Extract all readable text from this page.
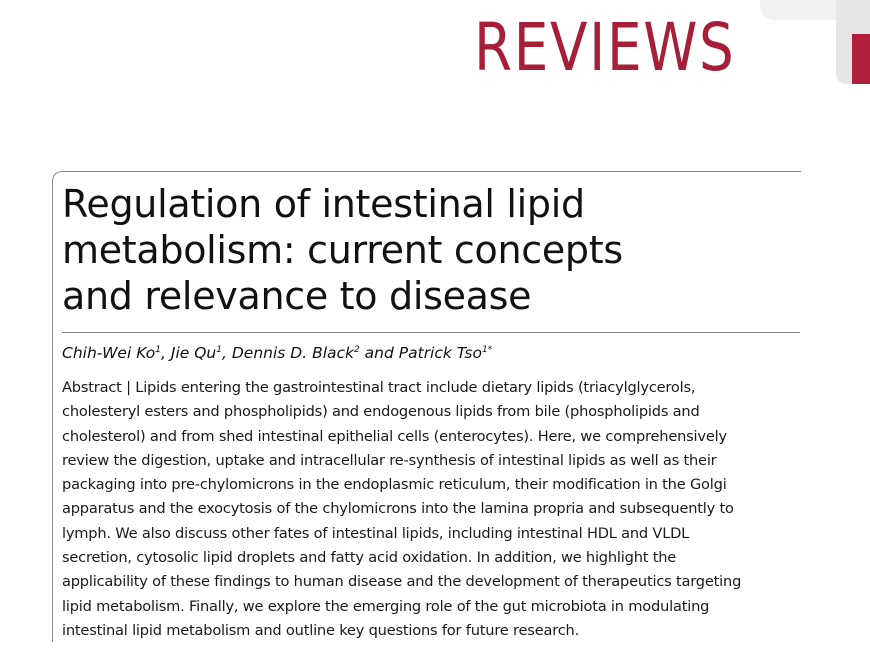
REVIEWS
Regulation of intestinal lipid
metabolism: current concepts
and relevance to disease
Chih-Wei Ko$^1$, Jie Qu$^1$, Dennis D. Black$^2$ and Patrick Tso$^{1*}$
Abstract | Lipids entering the gastrointestinal tract include dietary lipids (triacylglycerols,
cholesteryl esters and phospholipids) and endogenous lipids from bile (phospholipids and
cholesterol) and from shed intestinal epithelial cells (enterocytes). Here, we comprehensively
review the digestion, uptake and intracellular re-synthesis of intestinal lipids as well as their
packaging into pre-chylomicrons in the endoplasmic reticulum, their modification in the Golgi
apparatus and the exocytosis of the chylomicrons into the lamina propria and subsequently to
lymph. We also discuss other fates of intestinal lipids, including intestinal HDL and VLDL
secretion, cytosolic lipid droplets and fatty acid oxidation. In addition, we highlight the
applicability of these findings to human disease and the development of therapeutics targeting
lipid metabolism. Finally, we explore the emerging role of the gut microbiota in modulating
intestinal lipid metabolism and outline key questions for future research.
